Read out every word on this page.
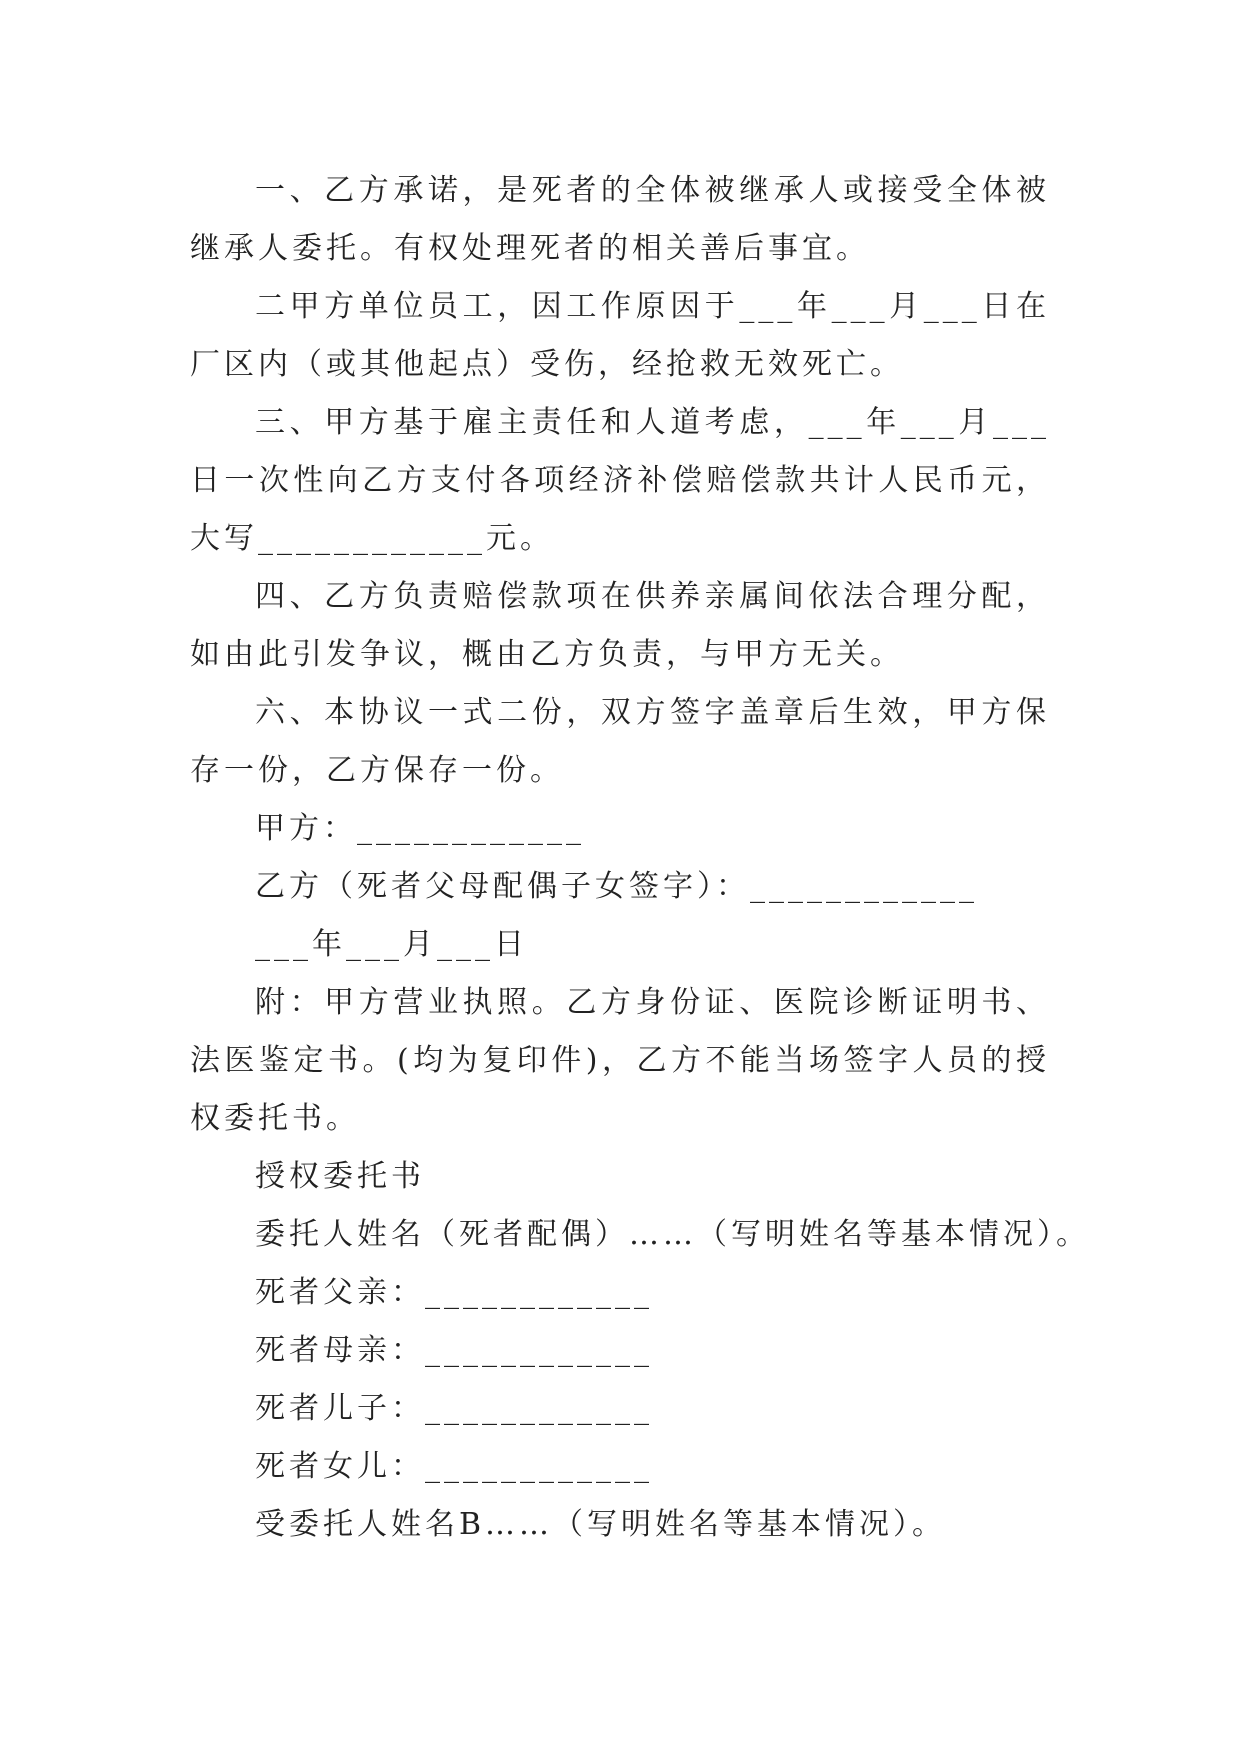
一、乙方承诺，是死者的全体被继承人或接受全体被继承人委托。有权处理死者的相关善后事宜。

二甲方单位员工，因工作原因于___年___月___日在厂区内（或其他起点）受伤，经抢救无效死亡。

三、甲方基于雇主责任和人道考虑，___年___月___日一次性向乙方支付各项经济补偿赔偿款共计人民币元，大写____________元。

四、乙方负责赔偿款项在供养亲属间依法合理分配，如由此引发争议，概由乙方负责，与甲方无关。

六、本协议一式二份，双方签字盖章后生效，甲方保存一份，乙方保存一份。

甲方：____________

乙方（死者父母配偶子女签字）：____________

___年___月___日

附：甲方营业执照。乙方身份证、医院诊断证明书、法医鉴定书。(均为复印件)，乙方不能当场签字人员的授权委托书。

授权委托书

委托人姓名（死者配偶）……（写明姓名等基本情况）。

死者父亲：____________

死者母亲：____________

死者儿子：____________

死者女儿：____________

受委托人姓名B……（写明姓名等基本情况）。
